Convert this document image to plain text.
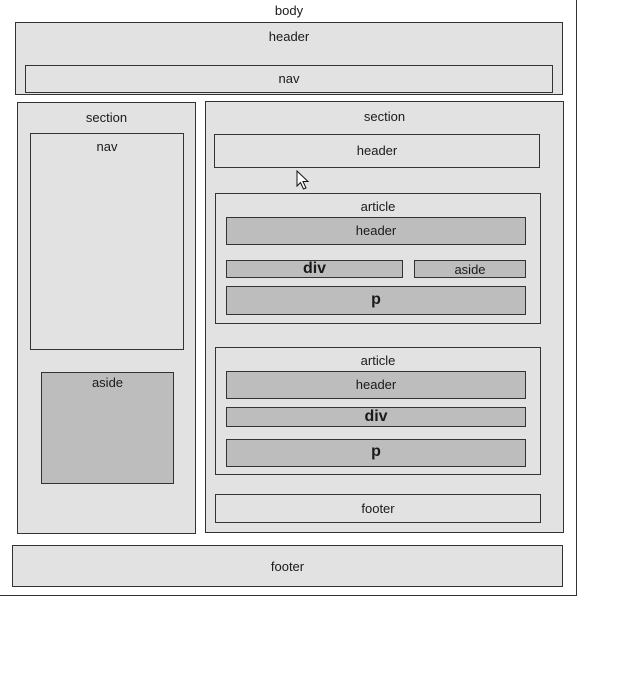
body
header
nav
section
nav
aside
section
header
article
header
div	aside
p
article
header
div
p
footer
footer
